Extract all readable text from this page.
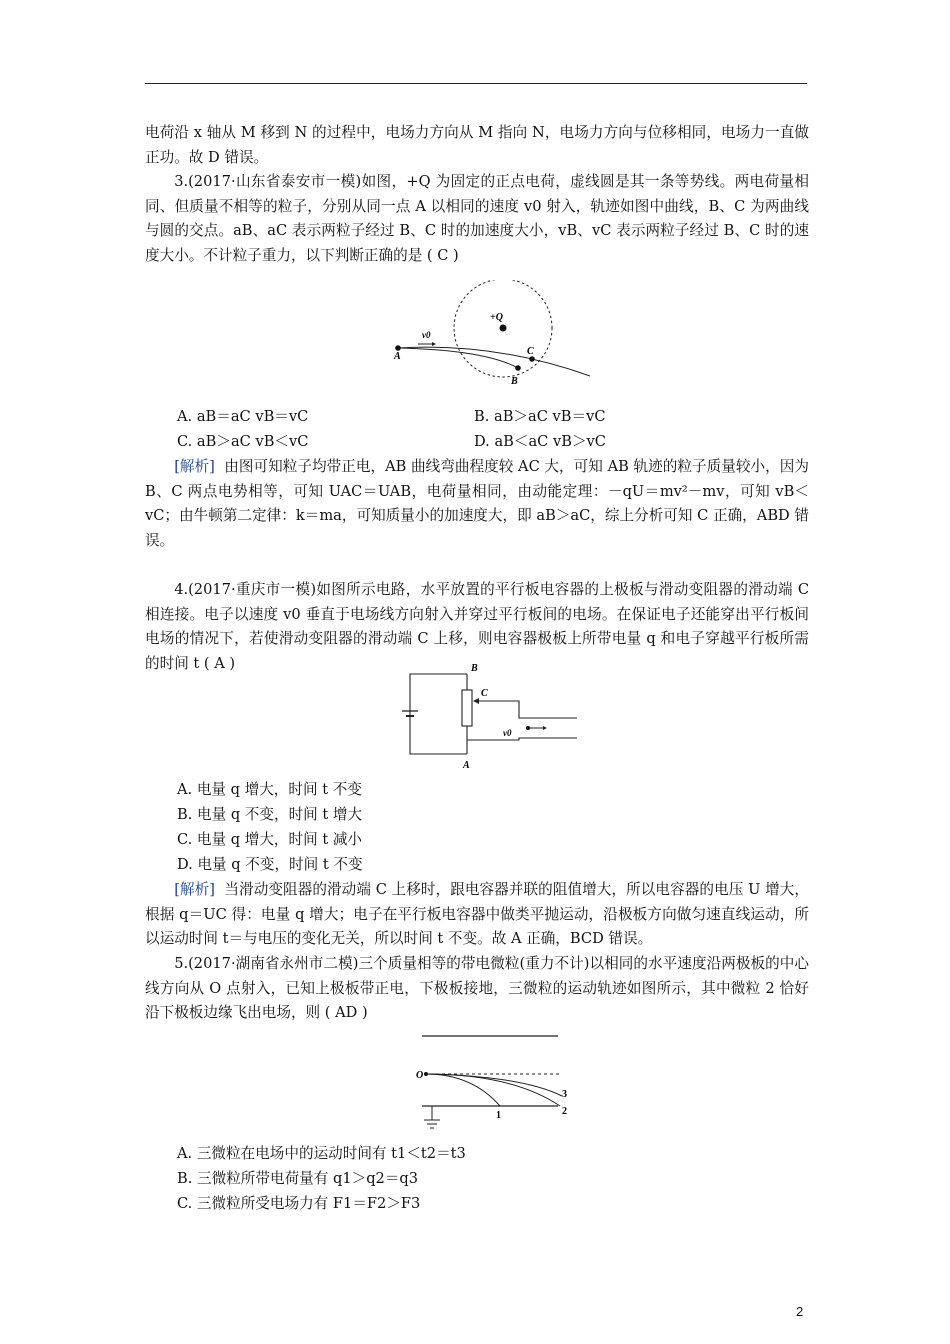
电荷沿 x 轴从 M 移到 N 的过程中，电场力方向从 M 指向 N，电场力方向与位移相同，电场力一直做正功。故 D 错误。

3.(2017·山东省泰安市一模)如图，+Q 为固定的正点电荷，虚线圆是其一条等势线。两电荷量相同、但质量不相等的粒子，分别从同一点 A 以相同的速度 v0 射入，轨迹如图中曲线，B、C 为两曲线与圆的交点。aB、aC 表示两粒子经过 B、C 时的加速度大小，vB、vC 表示两粒子经过 B、C 时的速度大小。不计粒子重力，以下判断正确的是 ( C )

+Q
v0
A	C
B

A. aB＝aC vB＝vC	B. aB＞aC vB＝vC

C. aB＞aC vB＜vC	D. aB＜aC vB＞vC

[解析] 由图可知粒子均带正电，AB 曲线弯曲程度较 AC 大，可知 AB 轨迹的粒子质量较小，因为 B、C 两点电势相等，可知 UAC＝UAB，电荷量相同，由动能定理：－qU＝mv²－mv，可知 vB＜vC；由牛顿第二定律：k＝ma，可知质量小的加速度大，即 aB＞aC，综上分析可知 C 正确，ABD 错误。

4.(2017·重庆市一模)如图所示电路，水平放置的平行板电容器的上极板与滑动变阻器的滑动端 C 相连接。电子以速度 v0 垂直于电场线方向射入并穿过平行板间的电场。在保证电子还能穿出平行板间电场的情况下，若使滑动变阻器的滑动端 C 上移，则电容器极板上所带电量 q 和电子穿越平行板所需的时间 t ( A )

v0
B
C
A

A. 电量 q 增大，时间 t 不变

B. 电量 q 不变，时间 t 增大

C. 电量 q 增大，时间 t 减小

D. 电量 q 不变，时间 t 不变

[解析] 当滑动变阻器的滑动端 C 上移时，跟电容器并联的阻值增大，所以电容器的电压 U 增大，根据 q＝UC 得：电量 q 增大；电子在平行板电容器中做类平抛运动，沿极板方向做匀速直线运动，所以运动时间 t＝与电压的变化无关，所以时间 t 不变。故 A 正确，BCD 错误。

5.(2017·湖南省永州市二模)三个质量相等的带电微粒(重力不计)以相同的水平速度沿两极板的中心线方向从 O 点射入，已知上极板带正电，下极板接地，三微粒的运动轨迹如图所示，其中微粒 2 恰好沿下极板边缘飞出电场，则 ( AD )

O
3
2
1

A. 三微粒在电场中的运动时间有 t1＜t2＝t3

B. 三微粒所带电荷量有 q1＞q2＝q3

C. 三微粒所受电场力有 F1＝F2＞F3

2
